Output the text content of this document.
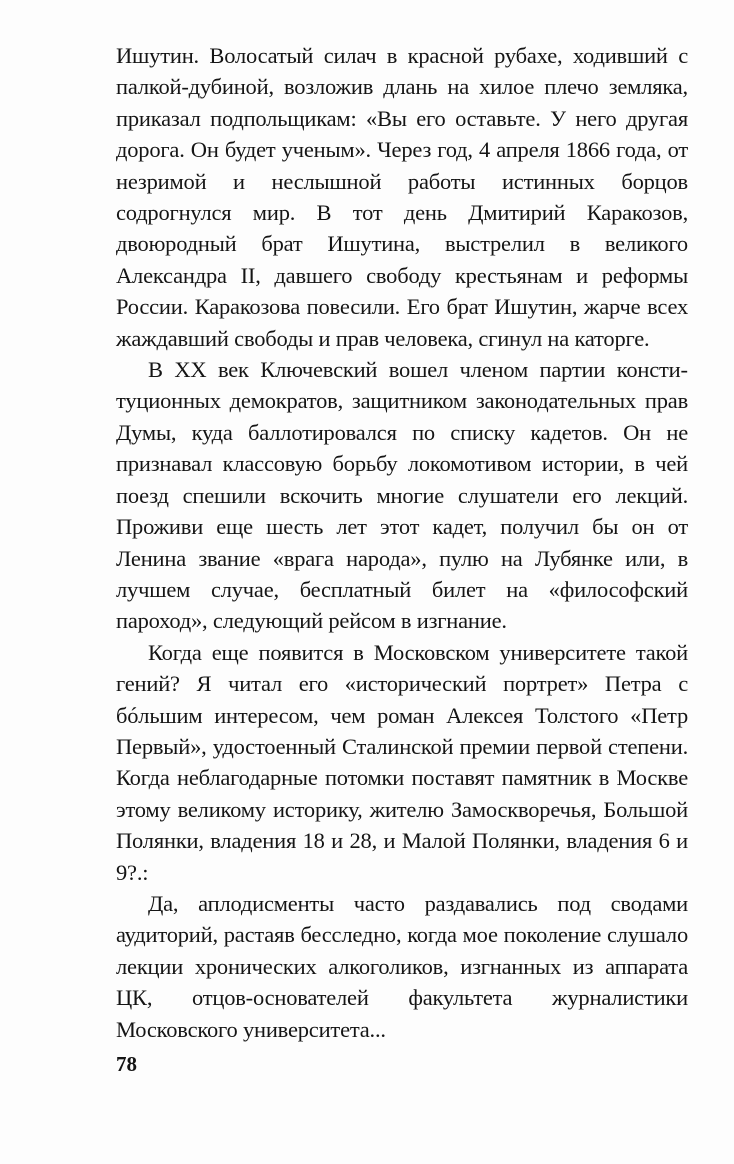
Ишутин. Волосатый силач в красной рубахе, ходивший с палкой-дубиной, возложив длань на хилое плечо земляка, приказал подпольщикам: «Вы его оставьте. У него другая дорога. Он будет ученым». Через год, 4 апреля 1866 года, от незримой и неслышной работы истинных борцов содрогнулся мир. В тот день Дмитирий Каракозов, двоюродный брат Ишутина, выстрелил в великого Александра II, давшего свободу крестьянам и реформы России. Каракозова повесили. Его брат Ишутин, жарче всех жаждавший свободы и прав человека, сгинул на каторге.

В XX век Ключевский вошел членом партии конституционных демократов, защитником законодательных прав Думы, куда баллотировался по списку кадетов. Он не признавал классовую борьбу локомотивом истории, в чей поезд спешили вскочить многие слушатели его лекций. Проживи еще шесть лет этот кадет, получил бы он от Ленина звание «врага народа», пулю на Лубянке или, в лучшем случае, бесплатный билет на «философский пароход», следующий рейсом в изгнание.

Когда еще появится в Московском университете такой гений? Я читал его «исторический портрет» Петра с бóльшим интересом, чем роман Алексея Толстого «Петр Первый», удостоенный Сталинской премии первой степени. Когда неблагодарные потомки поставят памятник в Москве этому великому историку, жителю Замоскворечья, Большой Полянки, владения 18 и 28, и Малой Полянки, владения 6 и 9?.:

Да, аплодисменты часто раздавались под сводами аудиторий, растаяв бесследно, когда мое поколение слушало лекции хронических алкоголиков, изгнанных из аппарата ЦК, отцов-основателей факультета журналистики Московского университета...

78
